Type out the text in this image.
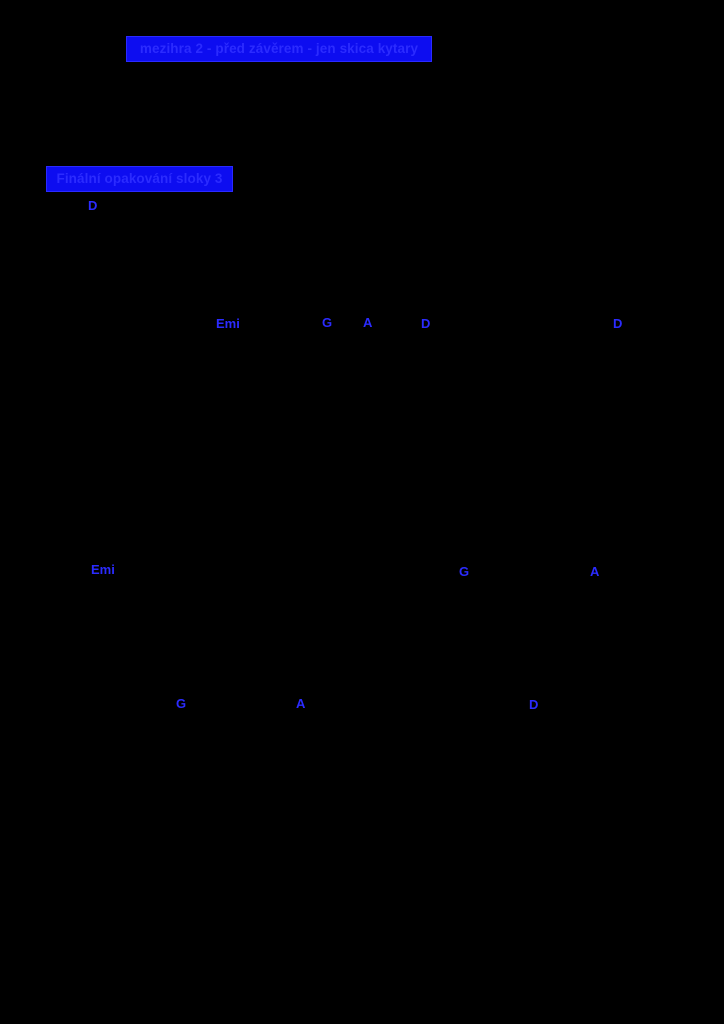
mezihra 2 - před závěrem - jen skica kytary
Finální opakování sloky 3
D
Emi	G A	D	D
Emi	G	A
G	A	D
